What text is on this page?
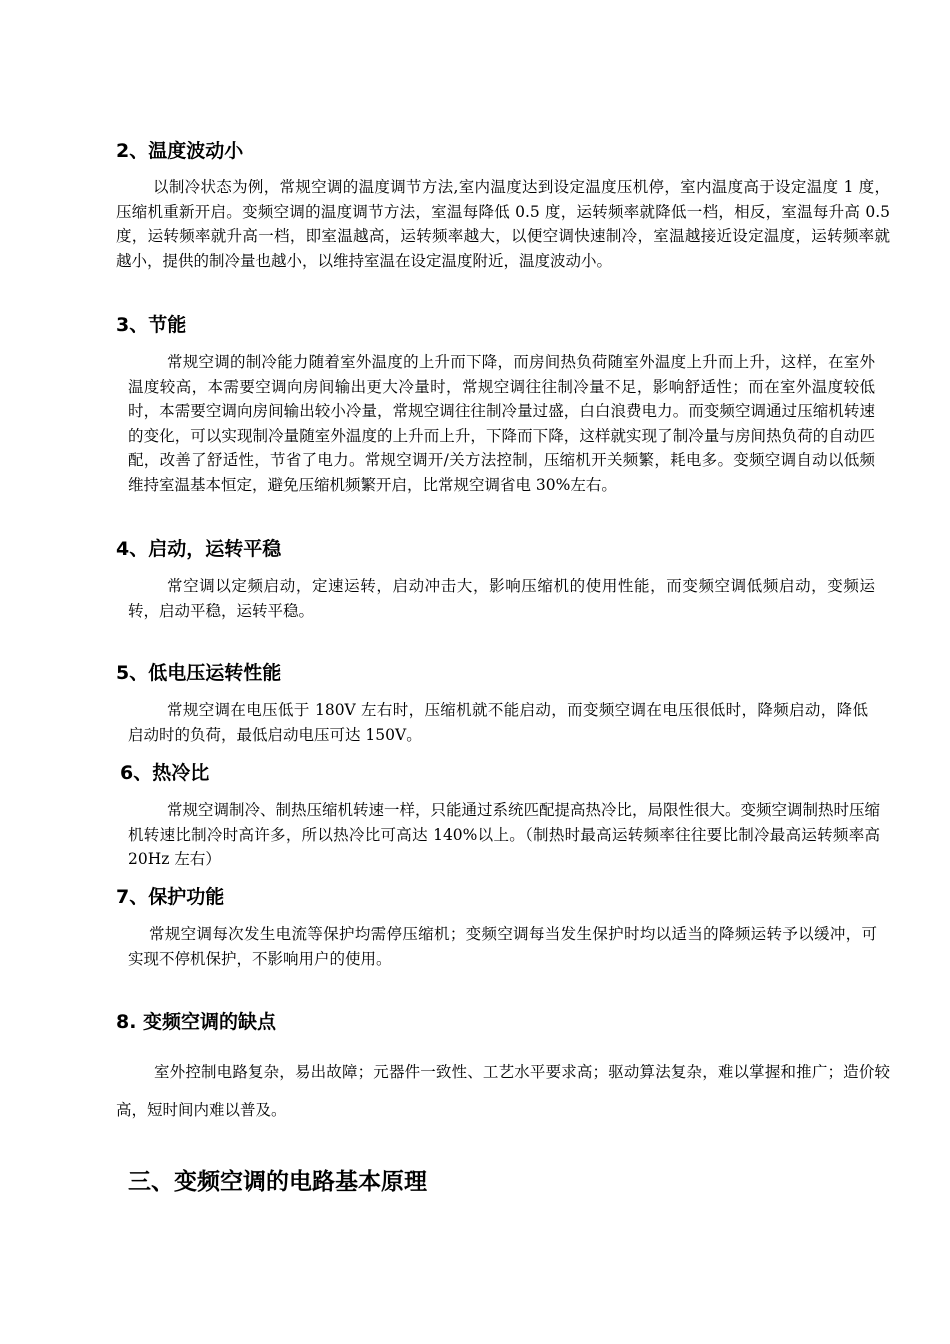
2、温度波动小

以制冷状态为例，常规空调的温度调节方法,室内温度达到设定温度压机停，室内温度高于设定温度 1 度，压缩机重新开启。变频空调的温度调节方法，室温每降低 0.5 度，运转频率就降低一档，相反，室温每升高 0.5 度，运转频率就升高一档，即室温越高，运转频率越大，以便空调快速制冷，室温越接近设定温度，运转频率就越小，提供的制冷量也越小，以维持室温在设定温度附近，温度波动小。

3、节能

常规空调的制冷能力随着室外温度的上升而下降，而房间热负荷随室外温度上升而上升，这样，在室外温度较高，本需要空调向房间输出更大冷量时，常规空调往往制冷量不足，影响舒适性；而在室外温度较低时，本需要空调向房间输出较小冷量，常规空调往往制冷量过盛，白白浪费电力。而变频空调通过压缩机转速的变化，可以实现制冷量随室外温度的上升而上升，下降而下降，这样就实现了制冷量与房间热负荷的自动匹配，改善了舒适性，节省了电力。常规空调开/关方法控制，压缩机开关频繁，耗电多。变频空调自动以低频维持室温基本恒定，避免压缩机频繁开启，比常规空调省电 30%左右。

4、启动，运转平稳

常空调以定频启动，定速运转，启动冲击大，影响压缩机的使用性能，而变频空调低频启动，变频运转，启动平稳，运转平稳。

5、低电压运转性能

常规空调在电压低于 180V 左右时，压缩机就不能启动，而变频空调在电压很低时，降频启动，降低启动时的负荷，最低启动电压可达 150V。

6、热冷比

常规空调制冷、制热压缩机转速一样，只能通过系统匹配提高热冷比，局限性很大。变频空调制热时压缩机转速比制冷时高许多，所以热冷比可高达 140%以上。（制热时最高运转频率往往要比制冷最高运转频率高 20Hz 左右）

7、保护功能

常规空调每次发生电流等保护均需停压缩机；变频空调每当发生保护时均以适当的降频运转予以缓冲，可实现不停机保护，不影响用户的使用。

8. 变频空调的缺点

室外控制电路复杂，易出故障；元器件一致性、工艺水平要求高；驱动算法复杂，难以掌握和推广；造价较高，短时间内难以普及。

三、变频空调的电路基本原理
